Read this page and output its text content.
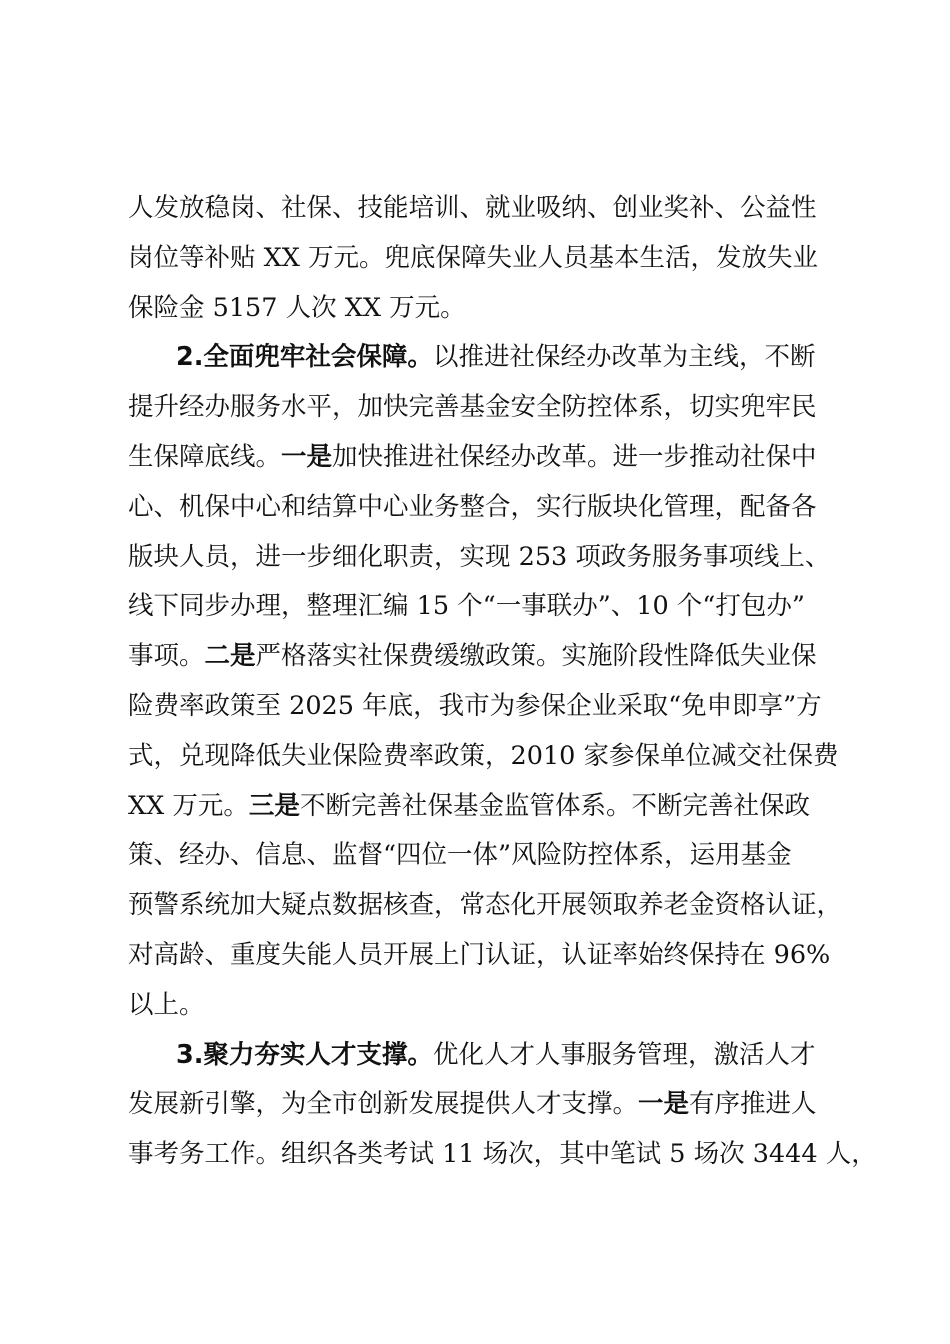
人发放稳岗、社保、技能培训、就业吸纳、创业奖补、公益性
岗位等补贴 XX 万元。兜底保障失业人员基本生活，发放失业
保险金 5157 人次 XX 万元。
2.全面兜牢社会保障。以推进社保经办改革为主线，不断
提升经办服务水平，加快完善基金安全防控体系，切实兜牢民
生保障底线。一是加快推进社保经办改革。进一步推动社保中
心、机保中心和结算中心业务整合，实行版块化管理，配备各
版块人员，进一步细化职责，实现 253 项政务服务事项线上、
线下同步办理，整理汇编 15 个“一事联办”、10 个“打包办”
事项。二是严格落实社保费缓缴政策。实施阶段性降低失业保
险费率政策至 2025 年底，我市为参保企业采取“免申即享”方
式，兑现降低失业保险费率政策，2010 家参保单位减交社保费
XX 万元。三是不断完善社保基金监管体系。不断完善社保政
策、经办、信息、监督“四位一体”风险防控体系，运用基金
预警系统加大疑点数据核查，常态化开展领取养老金资格认证，
对高龄、重度失能人员开展上门认证，认证率始终保持在 96%
以上。
3.聚力夯实人才支撑。优化人才人事服务管理，激活人才
发展新引擎，为全市创新发展提供人才支撑。一是有序推进人
事考务工作。组织各类考试 11 场次，其中笔试 5 场次 3444 人，
